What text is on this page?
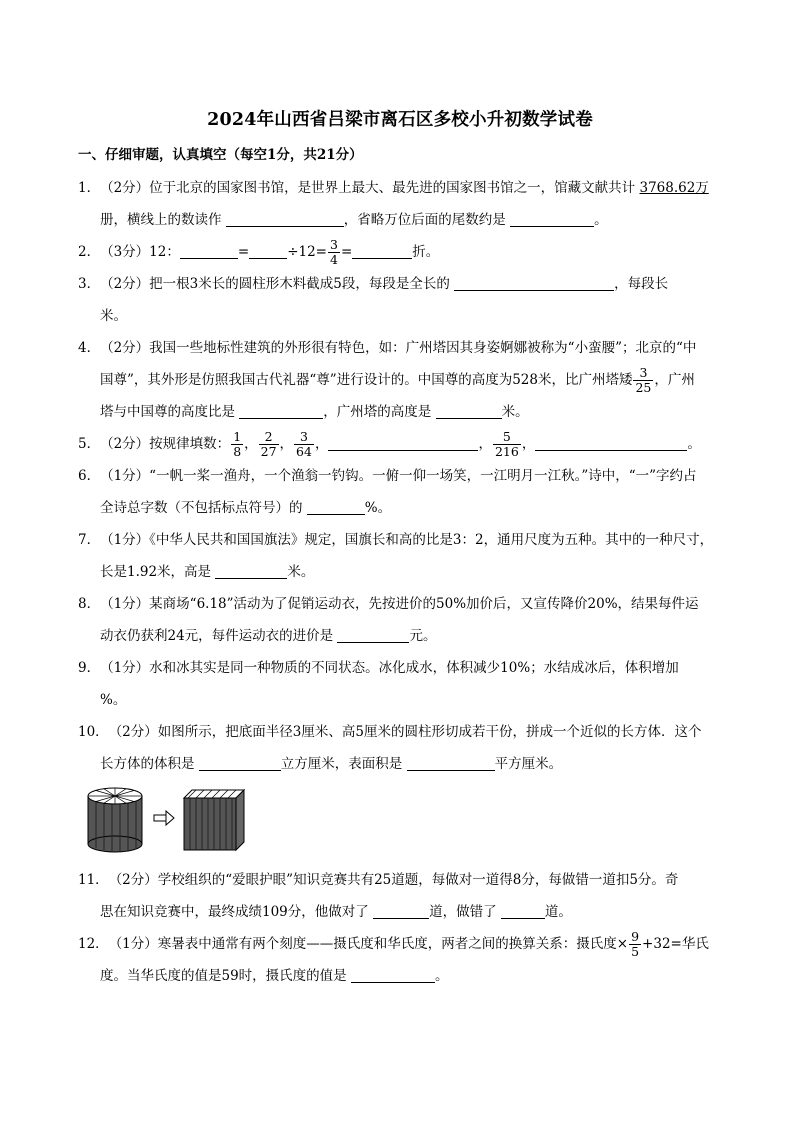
2024年山西省吕梁市离石区多校小升初数学试卷
一、仔细审题，认真填空（每空1分，共21分）
1．（2分）位于北京的国家图书馆，是世界上最大、最先进的国家图书馆之一，馆藏文献共计 3768.62万
册，横线上的数读作	，省略万位后面的尾数约是	。
2．（3分）12：	=	$\div 12= \frac{3}{4}$ =	折。
3．（2分）把一根3米长的圆柱形木料截成5段，每段是全长的	，每段长
米。
4．（2分）我国一些地标性建筑的外形很有特色，如：广州塔因其身姿婀娜被称为“小蛮腰”；北京的“中
国尊”，其外形是仿照我国古代礼器“尊”进行设计的。中国尊的高度为528米，比广州塔矮 $\frac{3}{25}$ ，广州
塔与中国尊的高度比是	，广州塔的高度是	米。
5．（2分）按规律填数： $\frac{1}{8}$ ， $\frac{2}{27}$ ， $\frac{3}{64}$ ，	， $\frac{5}{216}$ ，	。
6．（1分）“一帆一桨一渔舟，一个渔翁一钓钩。一俯一仰一场笑，一江明月一江秋。”诗中，“一”字约占
全诗总字数（不包括标点符号）的	%。
7．（1分）《中华人民共和国国旗法》规定，国旗长和高的比是3：2，通用尺度为五种。其中的一种尺寸，
长是1.92米，高是	米。
8．（1分）某商场“6.18”活动为了促销运动衣，先按进价的50%加价后，又宣传降价20%，结果每件运
动衣仍获利24元，每件运动衣的进价是	元。
9．（1分）水和冰其实是同一种物质的不同状态。冰化成水，体积减少10%；水结成冰后，体积增加
%。
10．（2分）如图所示，把底面半径3厘米、高5厘米的圆柱形切成若干份，拼成一个近似的长方体．这个
长方体的体积是	立方厘米，表面积是	平方厘米。
11．（2分）学校组织的“爱眼护眼”知识竞赛共有25道题，每做对一道得8分，每做错一道扣5分。奇
思在知识竞赛中，最终成绩109分，他做对了	道，做错了	道。
12．（1分）寒暑表中通常有两个刻度——摄氏度和华氏度，两者之间的换算关系：摄氏度× $\frac{9}{5} +32=$华氏
度。当华氏度的值是59时，摄氏度的值是	。
